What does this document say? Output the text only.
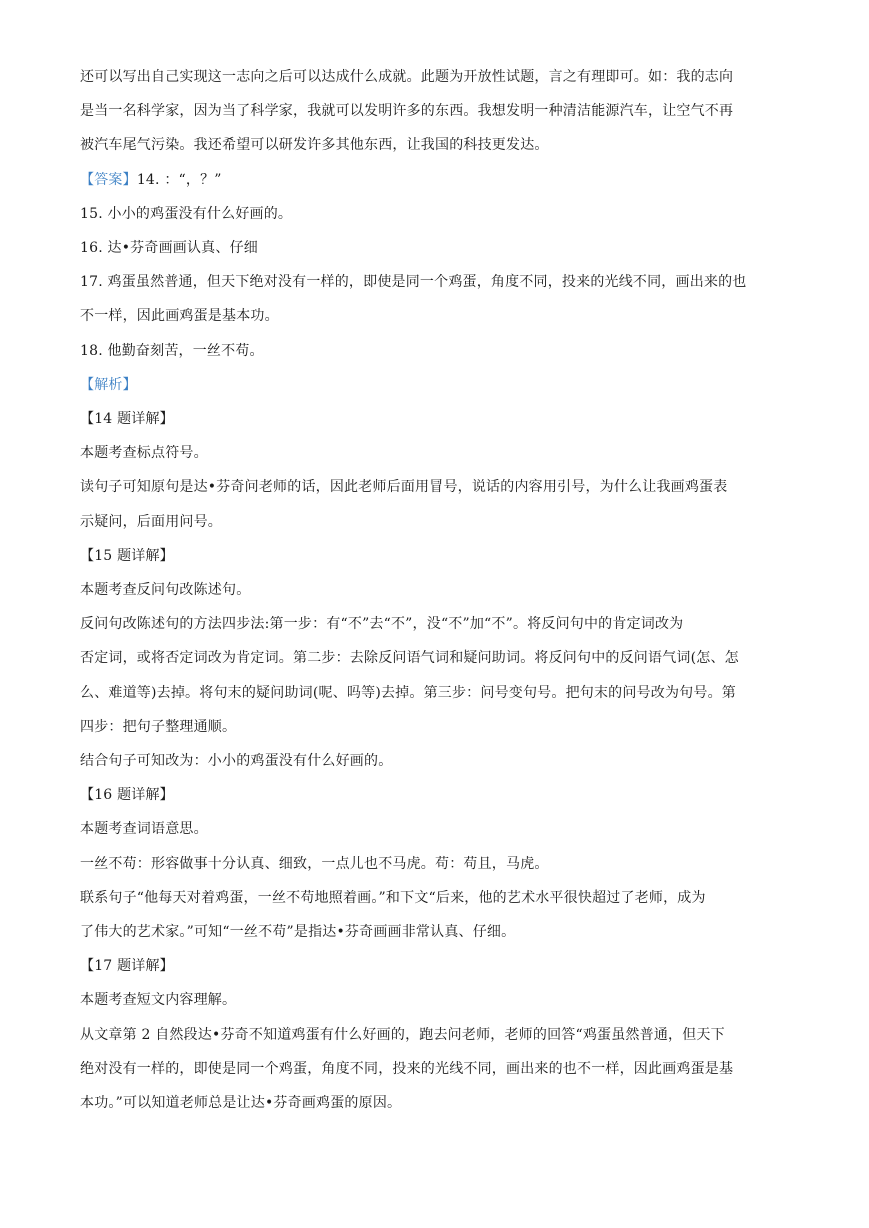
还可以写出自己实现这一志向之后可以达成什么成就。此题为开放性试题，言之有理即可。如：我的志向
是当一名科学家，因为当了科学家，我就可以发明许多的东西。我想发明一种清洁能源汽车，让空气不再
被汽车尾气污染。我还希望可以研发许多其他东西，让我国的科技更发达。
【答案】14. ：“，？”
15. 小小的鸡蛋没有什么好画的。
16. 达•芬奇画画认真、仔细
17. 鸡蛋虽然普通，但天下绝对没有一样的，即使是同一个鸡蛋，角度不同，投来的光线不同，画出来的也
不一样，因此画鸡蛋是基本功。
18. 他勤奋刻苦，一丝不苟。
【解析】
【14 题详解】
本题考查标点符号。
读句子可知原句是达•芬奇问老师的话，因此老师后面用冒号，说话的内容用引号，为什么让我画鸡蛋表
示疑问，后面用问号。
【15 题详解】
本题考查反问句改陈述句。
反问句改陈述句的方法四步法:第一步：有“不”去“不”，没“不”加“不”。将反问句中的肯定词改为
否定词，或将否定词改为肯定词。第二步：去除反问语气词和疑问助词。将反问句中的反问语气词(怎、怎
么、难道等)去掉。将句末的疑问助词(呢、吗等)去掉。第三步：问号变句号。把句末的问号改为句号。第
四步：把句子整理通顺。
结合句子可知改为：小小的鸡蛋没有什么好画的。
【16 题详解】
本题考查词语意思。
一丝不苟：形容做事十分认真、细致，一点儿也不马虎。苟：苟且，马虎。
联系句子“他每天对着鸡蛋，一丝不苟地照着画。”和下文“后来，他的艺术水平很快超过了老师，成为
了伟大的艺术家。”可知“一丝不苟”是指达•芬奇画画非常认真、仔细。
【17 题详解】
本题考查短文内容理解。
从文章第 2 自然段达•芬奇不知道鸡蛋有什么好画的，跑去问老师，老师的回答“鸡蛋虽然普通，但天下
绝对没有一样的，即使是同一个鸡蛋，角度不同，投来的光线不同，画出来的也不一样，因此画鸡蛋是基
本功。”可以知道老师总是让达•芬奇画鸡蛋的原因。
